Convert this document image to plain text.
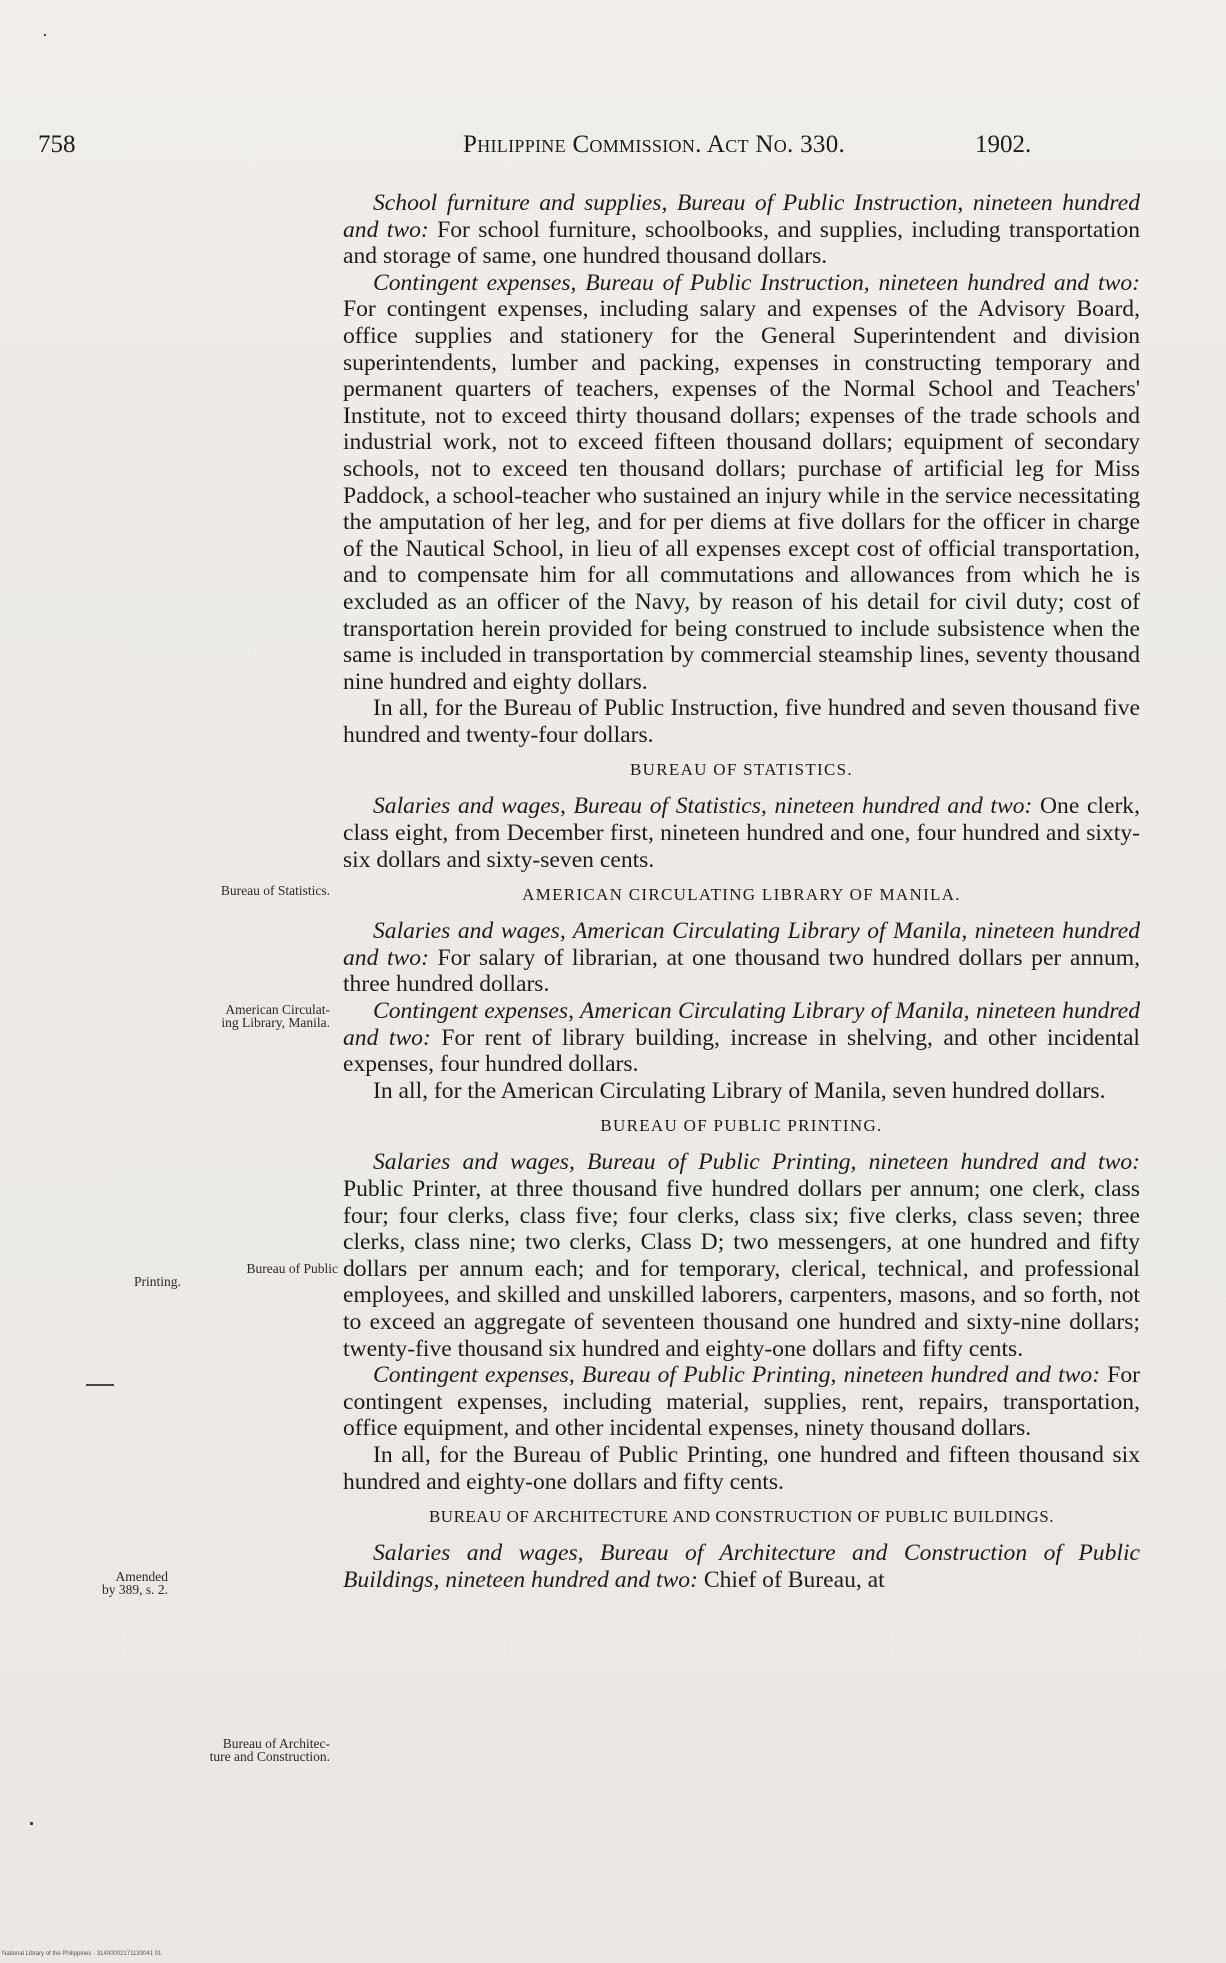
758	Philippine Commission. Act No. 330.	1902.
Bureau of Statistics.
American Circulat-
ing Library, Manila.
Bureau of Public
Printing.
Amended
by 389, s. 2.
Bureau of Architec-
ture and Construction.

School furniture and supplies, Bureau of Public Instruction, nineteen hundred and two: For school furniture, schoolbooks, and supplies, including transportation and storage of same, one hundred thousand dollars.

Contingent expenses, Bureau of Public Instruction, nineteen hundred and two: For contingent expenses, including salary and expenses of the Advisory Board, office supplies and stationery for the General Superintendent and division superintendents, lumber and packing, expenses in constructing temporary and permanent quarters of teachers, expenses of the Normal School and Teachers' Institute, not to exceed thirty thousand dollars; expenses of the trade schools and industrial work, not to exceed fifteen thousand dollars; equipment of secondary schools, not to exceed ten thousand dollars; purchase of artificial leg for Miss Paddock, a school-teacher who sustained an injury while in the service necessitating the amputation of her leg, and for per diems at five dollars for the officer in charge of the Nautical School, in lieu of all expenses except cost of official transportation, and to compensate him for all commutations and allowances from which he is excluded as an officer of the Navy, by reason of his detail for civil duty; cost of transportation herein provided for being construed to include subsistence when the same is included in transportation by commercial steamship lines, seventy thousand nine hundred and eighty dollars.

In all, for the Bureau of Public Instruction, five hundred and seven thousand five hundred and twenty-four dollars.

BUREAU OF STATISTICS.

Salaries and wages, Bureau of Statistics, nineteen hundred and two: One clerk, class eight, from December first, nineteen hundred and one, four hundred and sixty-six dollars and sixty-seven cents.

AMERICAN CIRCULATING LIBRARY OF MANILA.

Salaries and wages, American Circulating Library of Manila, nineteen hundred and two: For salary of librarian, at one thousand two hundred dollars per annum, three hundred dollars.

Contingent expenses, American Circulating Library of Manila, nineteen hundred and two: For rent of library building, increase in shelving, and other incidental expenses, four hundred dollars.

In all, for the American Circulating Library of Manila, seven hundred dollars.

BUREAU OF PUBLIC PRINTING.

Salaries and wages, Bureau of Public Printing, nineteen hundred and two: Public Printer, at three thousand five hundred dollars per annum; one clerk, class four; four clerks, class five; four clerks, class six; five clerks, class seven; three clerks, class nine; two clerks, Class D; two messengers, at one hundred and fifty dollars per annum each; and for temporary, clerical, technical, and professional employees, and skilled and unskilled laborers, carpenters, masons, and so forth, not to exceed an aggregate of seventeen thousand one hundred and sixty-nine dollars; twenty-five thousand six hundred and eighty-one dollars and fifty cents.

Contingent expenses, Bureau of Public Printing, nineteen hundred and two: For contingent expenses, including material, supplies, rent, repairs, transportation, office equipment, and other incidental expenses, ninety thousand dollars.

In all, for the Bureau of Public Printing, one hundred and fifteen thousand six hundred and eighty-one dollars and fifty cents.

BUREAU OF ARCHITECTURE AND CONSTRUCTION OF PUBLIC BUILDINGS.

Salaries and wages, Bureau of Architecture and Construction of Public Buildings, nineteen hundred and two: Chief of Bureau, at

National Library of the Philippines · 31400002171133041 01
